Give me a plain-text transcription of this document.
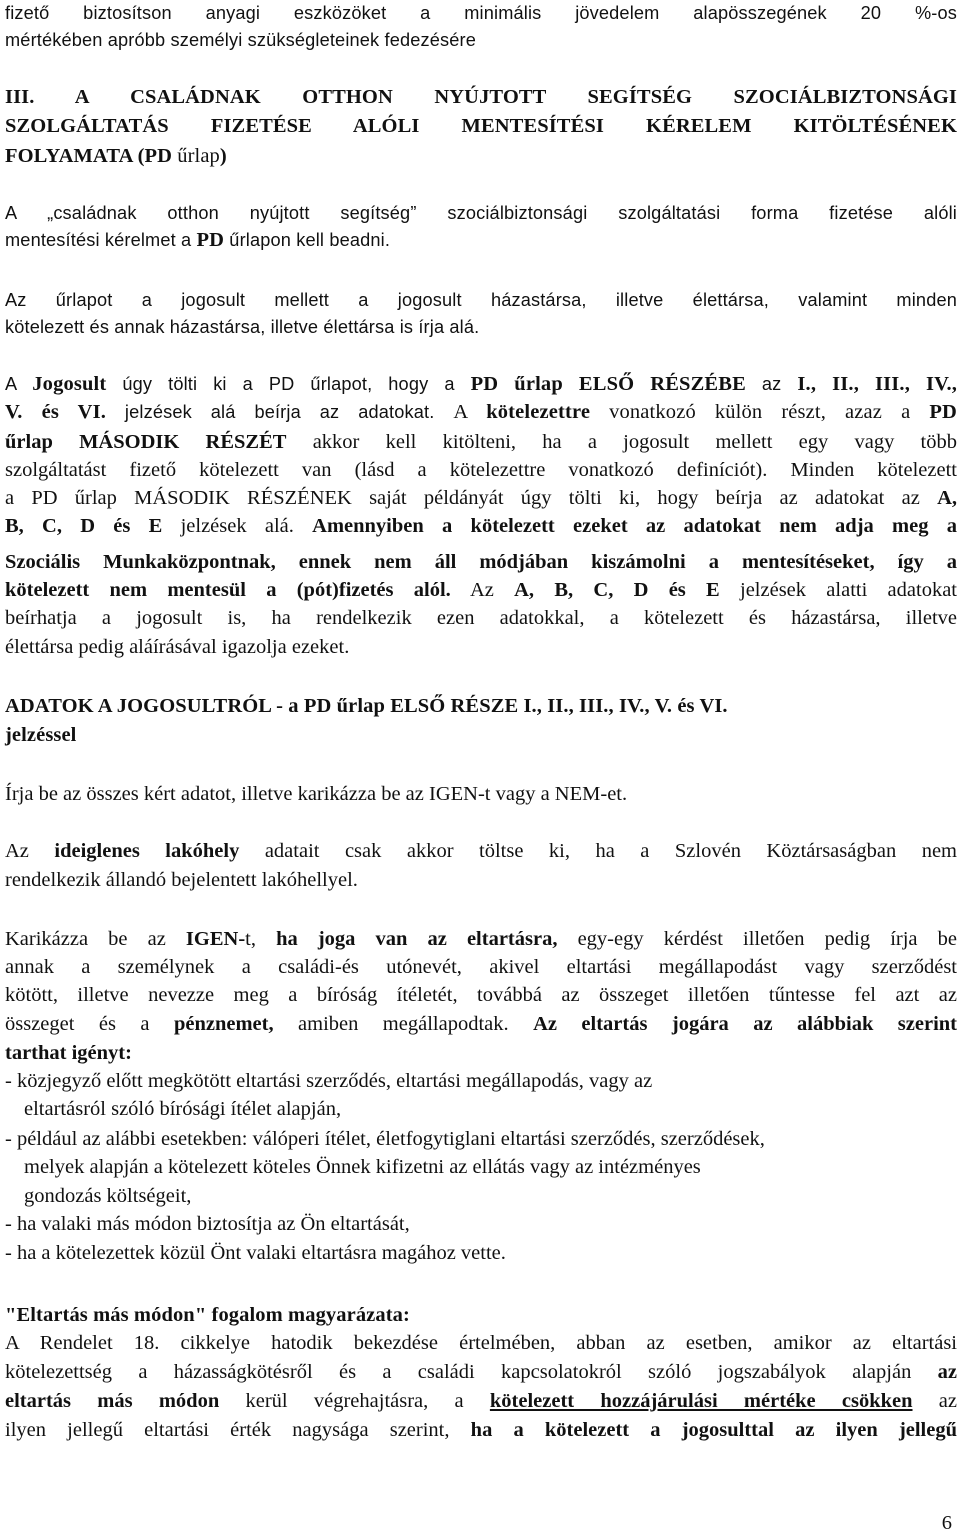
fizető biztosítson anyagi eszközöket a minimális jövedelem alapösszegének 20 %-os
mértékében apróbb személyi szükségleteinek fedezésére
III. A CSALÁDNAK OTTHON NYÚJTOTT SEGÍTSÉG SZOCIÁLBIZTONSÁGI
SZOLGÁLTATÁS FIZETÉSE ALÓLI MENTESÍTÉSI KÉRELEM KITÖLTÉSÉNEK
FOLYAMATA (PD űrlap)
A „családnak otthon nyújtott segítség” szociálbiztonsági szolgáltatási forma fizetése alóli
mentesítési kérelmet a PD űrlapon kell beadni.
Az űrlapot a jogosult mellett a jogosult házastársa, illetve élettársa, valamint minden
kötelezett és annak házastársa, illetve élettársa is írja alá.
A Jogosult úgy tölti ki a PD űrlapot, hogy a PD űrlap ELSŐ RÉSZÉBE az I., II., III., IV.,
V. és VI. jelzések alá beírja az adatokat. A kötelezettre vonatkozó külön részt, azaz a PD
űrlap MÁSODIK RÉSZÉT akkor kell kitölteni, ha a jogosult mellett egy vagy több
szolgáltatást fizető kötelezett van (lásd a kötelezettre vonatkozó definíciót). Minden kötelezett
a PD űrlap MÁSODIK RÉSZÉNEK saját példányát úgy tölti ki, hogy beírja az adatokat az A,
B, C, D és E jelzések alá. Amennyiben a kötelezett ezeket az adatokat nem adja meg a
Szociális Munkaközpontnak, ennek nem áll módjában kiszámolni a mentesítéseket, így a
kötelezett nem mentesül a (pót)fizetés alól. Az A, B, C, D és E jelzések alatti adatokat
beírhatja a jogosult is, ha rendelkezik ezen adatokkal, a kötelezett és házastársa, illetve
élettársa pedig aláírásával igazolja ezeket.
ADATOK A JOGOSULTRÓL - a PD űrlap ELSŐ RÉSZE I., II., III., IV., V. és VI.
jelzéssel
Írja be az összes kért adatot, illetve karikázza be az IGEN-t vagy a NEM-et.
Az ideiglenes lakóhely adatait csak akkor töltse ki, ha a Szlovén Köztársaságban nem
rendelkezik állandó bejelentett lakóhellyel.
Karikázza be az IGEN-t, ha joga van az eltartásra, egy-egy kérdést illetően pedig írja be
annak a személynek a családi-és utónevét, akivel eltartási megállapodást vagy szerződést
kötött, illetve nevezze meg a bíróság ítéletét, továbbá az összeget illetően tűntesse fel azt az
összeget és a pénznemet, amiben megállapodtak. Az eltartás jogára az alábbiak szerint
tarthat igényt:
- közjegyző előtt megkötött eltartási szerződés, eltartási megállapodás, vagy az
eltartásról szóló bírósági ítélet alapján,
- például az alábbi esetekben: válóperi ítélet, életfogytiglani eltartási szerződés, szerződések,
melyek alapján a kötelezett köteles Önnek kifizetni az ellátás vagy az intézményes
gondozás költségeit,
- ha valaki más módon biztosítja az Ön eltartását,
- ha a kötelezettek közül Önt valaki eltartásra magához vette.
"Eltartás más módon" fogalom magyarázata:
A Rendelet 18. cikkelye hatodik bekezdése értelmében, abban az esetben, amikor az eltartási
kötelezettség a házasságkötésről és a családi kapcsolatokról szóló jogszabályok alapján az
eltartás más módon kerül végrehajtásra, a kötelezett hozzájárulási mértéke csökken az
ilyen jellegű eltartási érték nagysága szerint, ha a kötelezett a jogosulttal az ilyen jellegű
6
